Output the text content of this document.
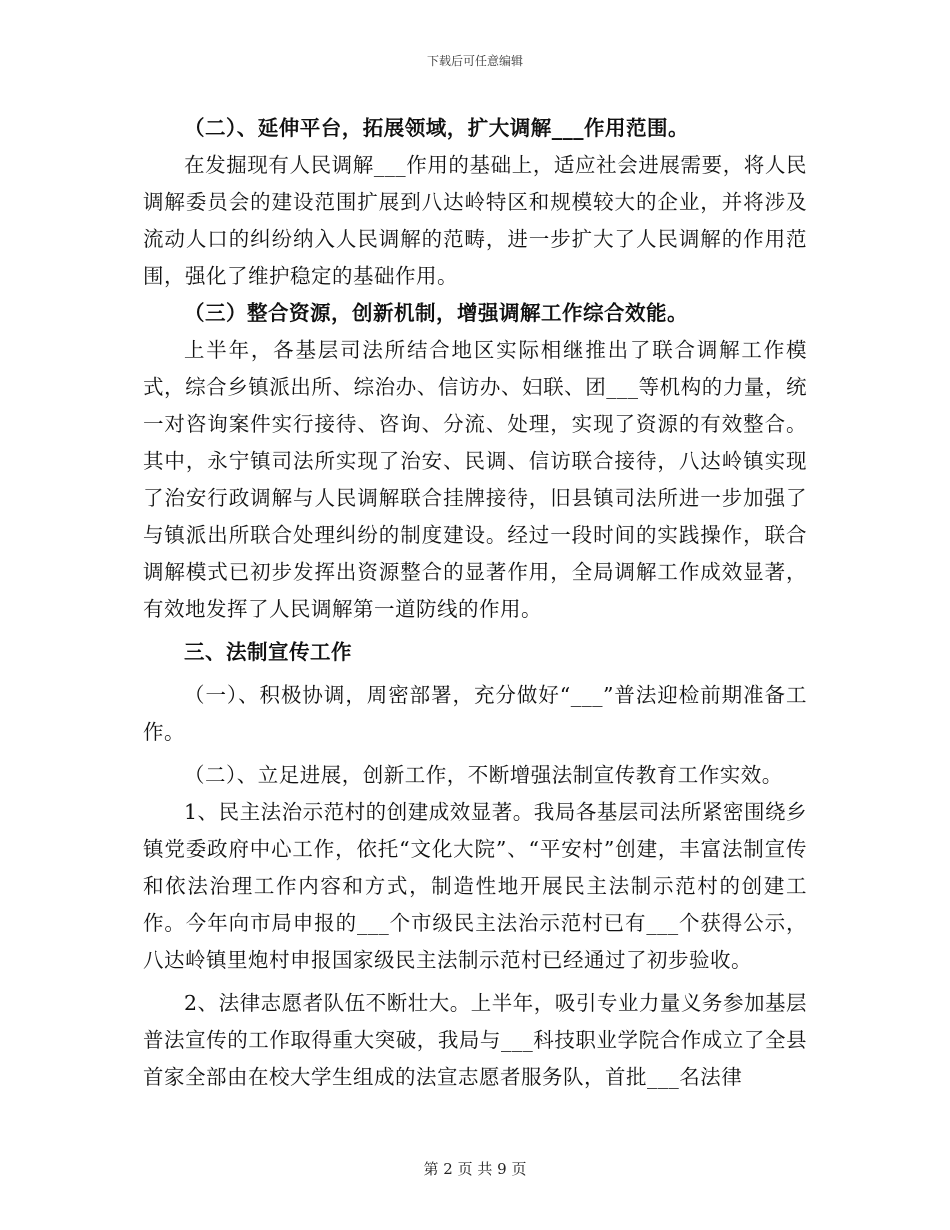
下载后可任意编辑

（二）、延伸平台，拓展领域，扩大调解___作用范围。

在发掘现有人民调解___作用的基础上，适应社会进展需要，将人民调解委员会的建设范围扩展到八达岭特区和规模较大的企业，并将涉及流动人口的纠纷纳入人民调解的范畴，进一步扩大了人民调解的作用范围，强化了维护稳定的基础作用。

（三）整合资源，创新机制，增强调解工作综合效能。

上半年，各基层司法所结合地区实际相继推出了联合调解工作模式，综合乡镇派出所、综治办、信访办、妇联、团___等机构的力量，统一对咨询案件实行接待、咨询、分流、处理，实现了资源的有效整合。其中，永宁镇司法所实现了治安、民调、信访联合接待，八达岭镇实现了治安行政调解与人民调解联合挂牌接待，旧县镇司法所进一步加强了与镇派出所联合处理纠纷的制度建设。经过一段时间的实践操作，联合调解模式已初步发挥出资源整合的显著作用，全局调解工作成效显著，有效地发挥了人民调解第一道防线的作用。

三、法制宣传工作

（一）、积极协调，周密部署，充分做好“___”普法迎检前期准备工作。

（二）、立足进展，创新工作，不断增强法制宣传教育工作实效。

1、民主法治示范村的创建成效显著。我局各基层司法所紧密围绕乡镇党委政府中心工作，依托“文化大院”、“平安村”创建，丰富法制宣传和依法治理工作内容和方式，制造性地开展民主法制示范村的创建工作。今年向市局申报的___个市级民主法治示范村已有___个获得公示，八达岭镇里炮村申报国家级民主法制示范村已经通过了初步验收。

2、法律志愿者队伍不断壮大。上半年，吸引专业力量义务参加基层普法宣传的工作取得重大突破，我局与___科技职业学院合作成立了全县首家全部由在校大学生组成的法宣志愿者服务队，首批___名法律

第 2 页 共 9 页
